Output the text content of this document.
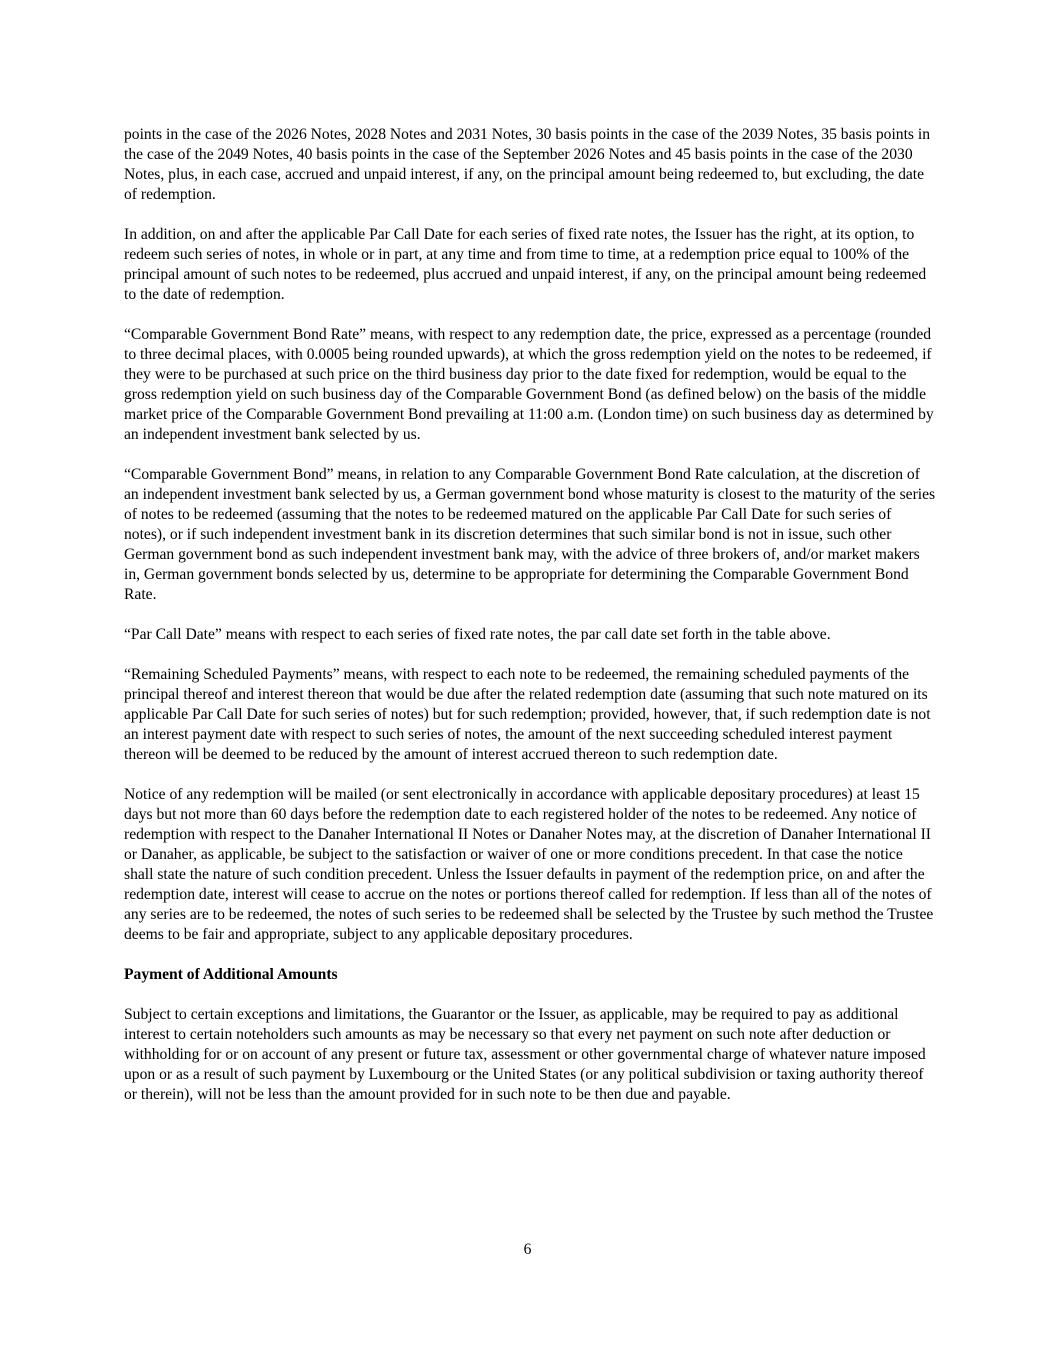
points in the case of the 2026 Notes, 2028 Notes and 2031 Notes, 30 basis points in the case of the 2039 Notes, 35 basis points in the case of the 2049 Notes, 40 basis points in the case of the September 2026 Notes and 45 basis points in the case of the 2030 Notes, plus, in each case, accrued and unpaid interest, if any, on the principal amount being redeemed to, but excluding, the date of redemption.

In addition, on and after the applicable Par Call Date for each series of fixed rate notes, the Issuer has the right, at its option, to redeem such series of notes, in whole or in part, at any time and from time to time, at a redemption price equal to 100% of the principal amount of such notes to be redeemed, plus accrued and unpaid interest, if any, on the principal amount being redeemed to the date of redemption.

“Comparable Government Bond Rate” means, with respect to any redemption date, the price, expressed as a percentage (rounded to three decimal places, with 0.0005 being rounded upwards), at which the gross redemption yield on the notes to be redeemed, if they were to be purchased at such price on the third business day prior to the date fixed for redemption, would be equal to the gross redemption yield on such business day of the Comparable Government Bond (as defined below) on the basis of the middle market price of the Comparable Government Bond prevailing at 11:00 a.m. (London time) on such business day as determined by an independent investment bank selected by us.

“Comparable Government Bond” means, in relation to any Comparable Government Bond Rate calculation, at the discretion of an independent investment bank selected by us, a German government bond whose maturity is closest to the maturity of the series of notes to be redeemed (assuming that the notes to be redeemed matured on the applicable Par Call Date for such series of notes), or if such independent investment bank in its discretion determines that such similar bond is not in issue, such other German government bond as such independent investment bank may, with the advice of three brokers of, and/or market makers in, German government bonds selected by us, determine to be appropriate for determining the Comparable Government Bond Rate.

“Par Call Date” means with respect to each series of fixed rate notes, the par call date set forth in the table above.

“Remaining Scheduled Payments” means, with respect to each note to be redeemed, the remaining scheduled payments of the principal thereof and interest thereon that would be due after the related redemption date (assuming that such note matured on its applicable Par Call Date for such series of notes) but for such redemption; provided, however, that, if such redemption date is not an interest payment date with respect to such series of notes, the amount of the next succeeding scheduled interest payment thereon will be deemed to be reduced by the amount of interest accrued thereon to such redemption date.

Notice of any redemption will be mailed (or sent electronically in accordance with applicable depositary procedures) at least 15 days but not more than 60 days before the redemption date to each registered holder of the notes to be redeemed. Any notice of redemption with respect to the Danaher International II Notes or Danaher Notes may, at the discretion of Danaher International II or Danaher, as applicable, be subject to the satisfaction or waiver of one or more conditions precedent. In that case the notice shall state the nature of such condition precedent. Unless the Issuer defaults in payment of the redemption price, on and after the redemption date, interest will cease to accrue on the notes or portions thereof called for redemption. If less than all of the notes of any series are to be redeemed, the notes of such series to be redeemed shall be selected by the Trustee by such method the Trustee deems to be fair and appropriate, subject to any applicable depositary procedures.

Payment of Additional Amounts

Subject to certain exceptions and limitations, the Guarantor or the Issuer, as applicable, may be required to pay as additional interest to certain noteholders such amounts as may be necessary so that every net payment on such note after deduction or withholding for or on account of any present or future tax, assessment or other governmental charge of whatever nature imposed upon or as a result of such payment by Luxembourg or the United States (or any political subdivision or taxing authority thereof or therein), will not be less than the amount provided for in such note to be then due and payable.

6
